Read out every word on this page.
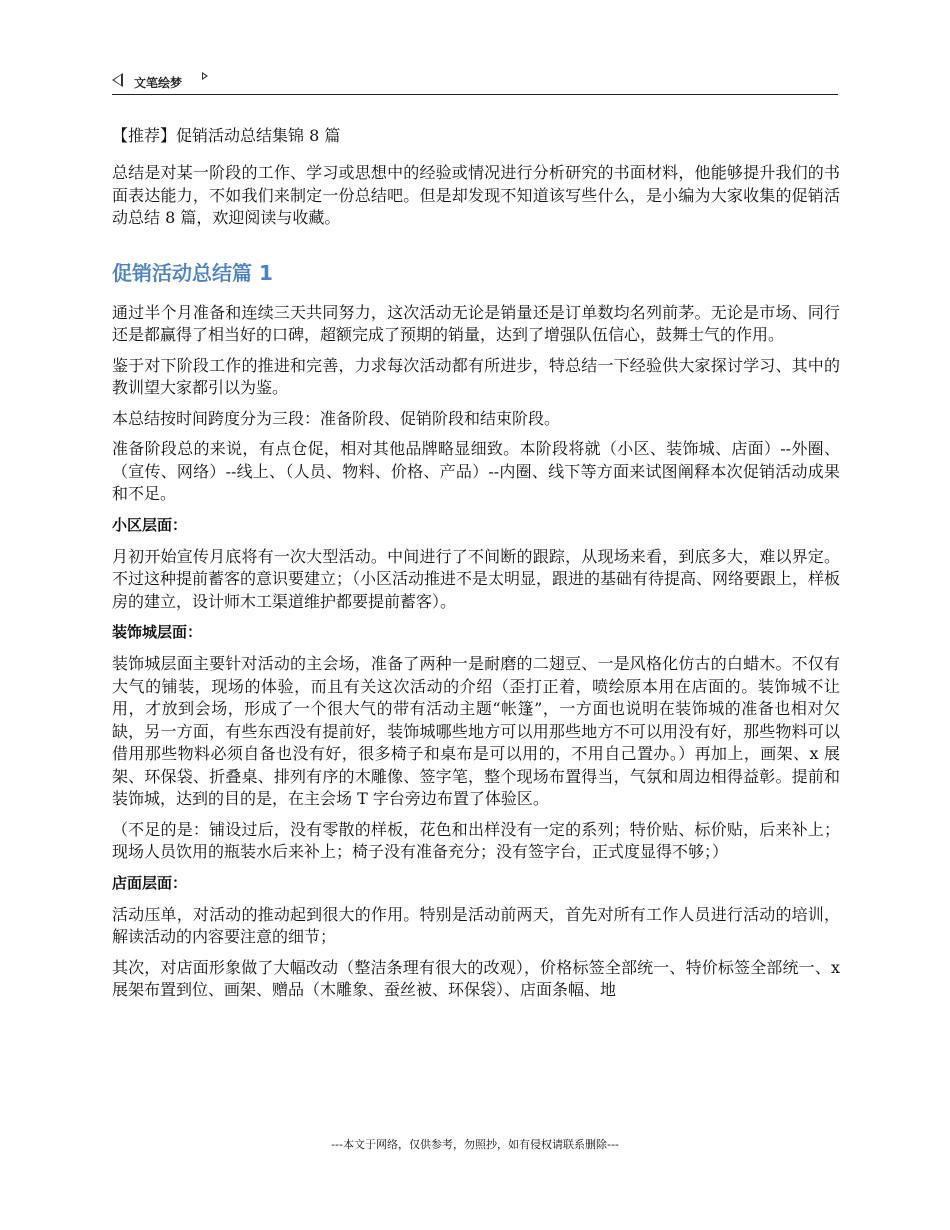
文笔绘梦

【推荐】促销活动总结集锦 8 篇

总结是对某一阶段的工作、学习或思想中的经验或情况进行分析研究的书面材料，他能够提升我们的书面表达能力，不如我们来制定一份总结吧。但是却发现不知道该写些什么，是小编为大家收集的促销活动总结 8 篇，欢迎阅读与收藏。

促销活动总结篇 1

通过半个月准备和连续三天共同努力，这次活动无论是销量还是订单数均名列前茅。无论是市场、同行还是都赢得了相当好的口碑，超额完成了预期的销量，达到了增强队伍信心，鼓舞士气的作用。

鉴于对下阶段工作的推进和完善，力求每次活动都有所进步，特总结一下经验供大家探讨学习、其中的教训望大家都引以为鉴。

本总结按时间跨度分为三段：准备阶段、促销阶段和结束阶段。

准备阶段总的来说，有点仓促，相对其他品牌略显细致。本阶段将就（小区、装饰城、店面）--外圈、（宣传、网络）--线上、（人员、物料、价格、产品）--内圈、线下等方面来试图阐释本次促销活动成果和不足。

小区层面：

月初开始宣传月底将有一次大型活动。中间进行了不间断的跟踪，从现场来看，到底多大，难以界定。不过这种提前蓄客的意识要建立；（小区活动推进不是太明显，跟进的基础有待提高、网络要跟上，样板房的建立，设计师木工渠道维护都要提前蓄客）。

装饰城层面：

装饰城层面主要针对活动的主会场，准备了两种一是耐磨的二翅豆、一是风格化仿古的白蜡木。不仅有大气的铺装，现场的体验，而且有关这次活动的介绍（歪打正着，喷绘原本用在店面的。装饰城不让用，才放到会场，形成了一个很大气的带有活动主题“帐篷”，一方面也说明在装饰城的准备也相对欠缺，另一方面，有些东西没有提前好，装饰城哪些地方可以用那些地方不可以用没有好，那些物料可以借用那些物料必须自备也没有好，很多椅子和桌布是可以用的，不用自己置办。）再加上，画架、x 展架、环保袋、折叠桌、排列有序的木雕像、签字笔，整个现场布置得当，气氛和周边相得益彰。提前和装饰城，达到的目的是，在主会场 T 字台旁边布置了体验区。

（不足的是：铺设过后，没有零散的样板，花色和出样没有一定的系列；特价贴、标价贴，后来补上；现场人员饮用的瓶装水后来补上；椅子没有准备充分；没有签字台，正式度显得不够；）

店面层面：

活动压单，对活动的推动起到很大的作用。特别是活动前两天，首先对所有工作人员进行活动的培训，解读活动的内容要注意的细节；

其次，对店面形象做了大幅改动（整洁条理有很大的改观），价格标签全部统一、特价标签全部统一、x 展架布置到位、画架、赠品（木雕象、蚕丝被、环保袋）、店面条幅、地

---本文于网络，仅供参考，勿照抄，如有侵权请联系删除---
